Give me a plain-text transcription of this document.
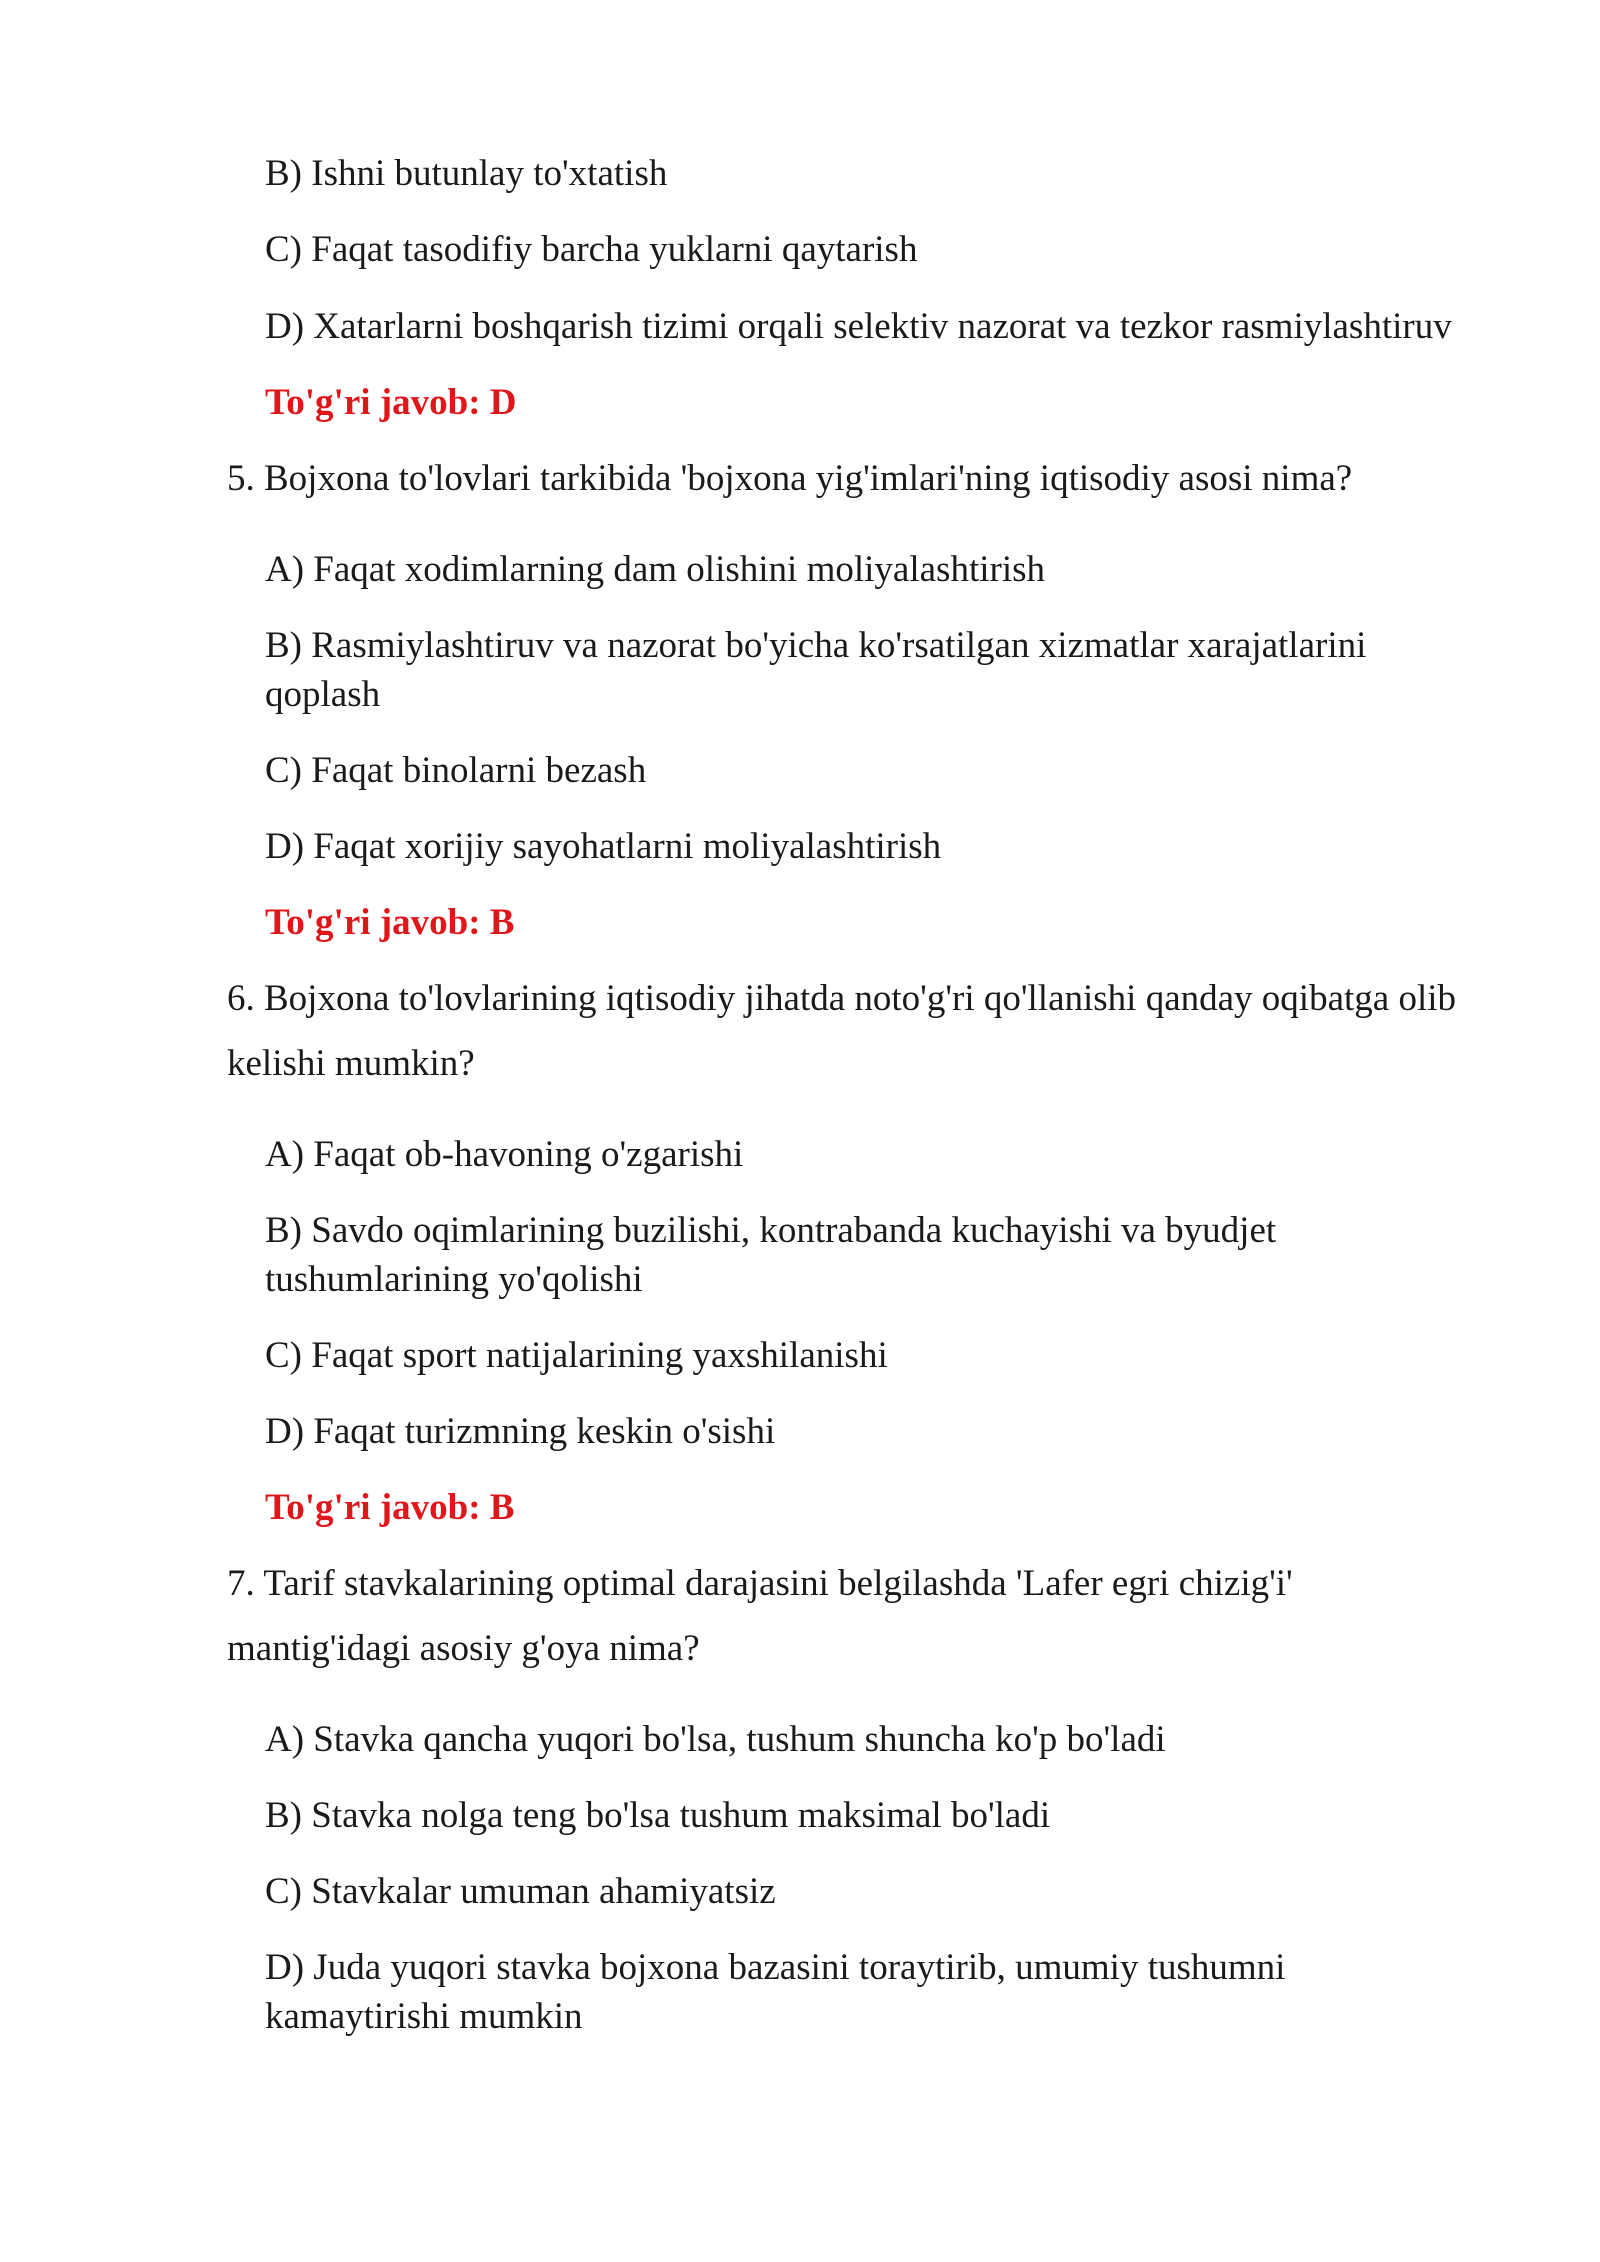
B) Ishni butunlay to'xtatish
C) Faqat tasodifiy barcha yuklarni qaytarish
D) Xatarlarni boshqarish tizimi orqali selektiv nazorat va tezkor rasmiylashtiruv
To'g'ri javob: D
5. Bojxona to'lovlari tarkibida 'bojxona yig'imlari'ning iqtisodiy asosi nima?
A) Faqat xodimlarning dam olishini moliyalashtirish
B) Rasmiylashtiruv va nazorat bo'yicha ko'rsatilgan xizmatlar xarajatlarini
qoplash
C) Faqat binolarni bezash
D) Faqat xorijiy sayohatlarni moliyalashtirish
To'g'ri javob: B
6. Bojxona to'lovlarining iqtisodiy jihatda noto'g'ri qo'llanishi qanday oqibatga olib
kelishi mumkin?
A) Faqat ob-havoning o'zgarishi
B) Savdo oqimlarining buzilishi, kontrabanda kuchayishi va byudjet
tushumlarining yo'qolishi
C) Faqat sport natijalarining yaxshilanishi
D) Faqat turizmning keskin o'sishi
To'g'ri javob: B
7. Tarif stavkalarining optimal darajasini belgilashda 'Lafer egri chizig'i'
mantig'idagi asosiy g'oya nima?
A) Stavka qancha yuqori bo'lsa, tushum shuncha ko'p bo'ladi
B) Stavka nolga teng bo'lsa tushum maksimal bo'ladi
C) Stavkalar umuman ahamiyatsiz
D) Juda yuqori stavka bojxona bazasini toraytirib, umumiy tushumni
kamaytirishi mumkin
